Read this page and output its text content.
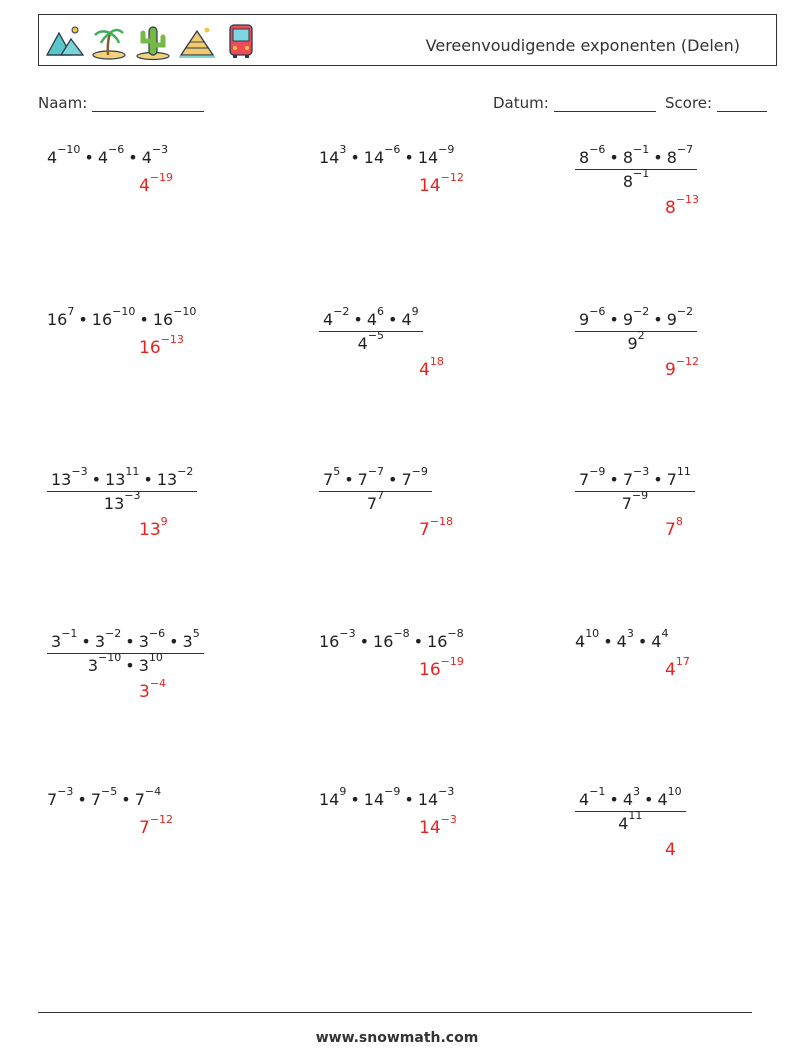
Vereenvoudigende exponenten (Delen)
Naam:	Datum:	Score:
$4^{-10}$ • $4^{-6}$ • $4^{-3}$
$4^{-19}$
$14^3$ • $14^{-6}$ • $14^{-9}$
$14^{-12}$	$\frac{8^{-6} • 8^{-1} • 8^{-7}}{8^{-1}}$
$8^{-13}$
$16^7$ • $16^{-10}$ • $16^{-10}$
$16^{-13}$	$\frac{4^{-2} • 4^6 • 4^9}{4^{-5}}$
$4^{18}$
$\frac{9^{-6} • 9^{-2} • 9^{-2}}{9^2}$
$9^{-12}$
$\frac{13^{-3} • 13^{11} • 13^{-2}}{13^{-3}}$
$13^9$
$\frac{7^5 • 7^{-7} • 7^{-9}}{7^7}$
$7^{-18}$
$\frac{7^{-9} • 7^{-3} • 7^{11}}{7^{-9}}$
$7^8$
$\frac{3^{-1} • 3^{-2} • 3^{-6} • 3^5}{3^{-10} • 3^{10}}$
$3^{-4}$
$16^{-3}$ • $16^{-8}$ • $16^{-8}$
$16^{-19}$
$4^{10}$ • $4^3$ • $4^4$
$4^{17}$
$7^{-3}$ • $7^{-5}$ • $7^{-4}$
$7^{-12}$
$14^9$ • $14^{-9}$ • $14^{-3}$
$14^{-3}$	$\frac{4^{-1} • 4^3 • 4^{10}}{4^{11}}$
4
www.snowmath.com
